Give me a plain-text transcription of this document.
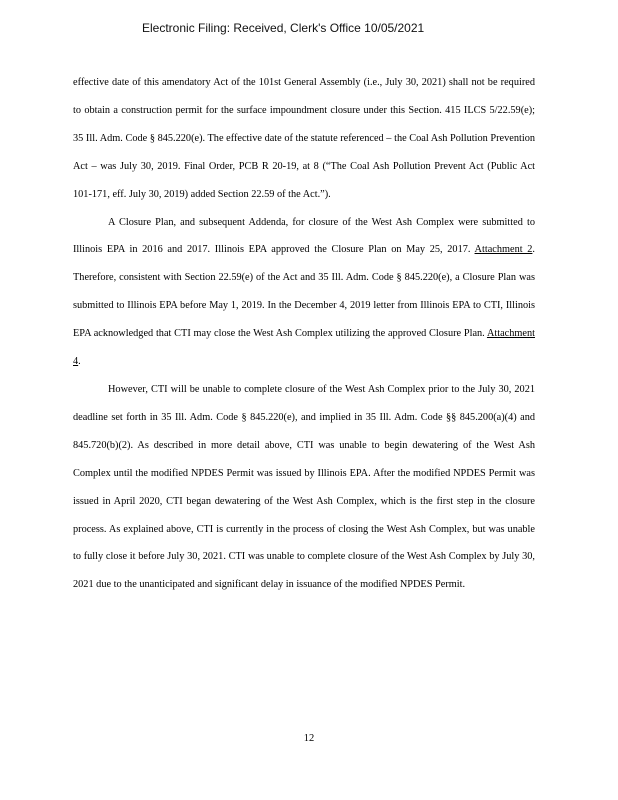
Electronic Filing: Received, Clerk's Office 10/05/2021

effective date of this amendatory Act of the 101st General Assembly (i.e., July 30, 2021) shall not be required to obtain a construction permit for the surface impoundment closure under this Section. 415 ILCS 5/22.59(e); 35 Ill. Adm. Code § 845.220(e). The effective date of the statute referenced – the Coal Ash Pollution Prevention Act – was July 30, 2019. Final Order, PCB R 20-19, at 8 (“The Coal Ash Pollution Prevent Act (Public Act 101-171, eff. July 30, 2019) added Section 22.59 of the Act.”).

A Closure Plan, and subsequent Addenda, for closure of the West Ash Complex were submitted to Illinois EPA in 2016 and 2017. Illinois EPA approved the Closure Plan on May 25, 2017. Attachment 2. Therefore, consistent with Section 22.59(e) of the Act and 35 Ill. Adm. Code § 845.220(e), a Closure Plan was submitted to Illinois EPA before May 1, 2019. In the December 4, 2019 letter from Illinois EPA to CTI, Illinois EPA acknowledged that CTI may close the West Ash Complex utilizing the approved Closure Plan. Attachment 4.

However, CTI will be unable to complete closure of the West Ash Complex prior to the July 30, 2021 deadline set forth in 35 Ill. Adm. Code § 845.220(e), and implied in 35 Ill. Adm. Code §§ 845.200(a)(4) and 845.720(b)(2). As described in more detail above, CTI was unable to begin dewatering of the West Ash Complex until the modified NPDES Permit was issued by Illinois EPA. After the modified NPDES Permit was issued in April 2020, CTI began dewatering of the West Ash Complex, which is the first step in the closure process. As explained above, CTI is currently in the process of closing the West Ash Complex, but was unable to fully close it before July 30, 2021. CTI was unable to complete closure of the West Ash Complex by July 30, 2021 due to the unanticipated and significant delay in issuance of the modified NPDES Permit.

12
